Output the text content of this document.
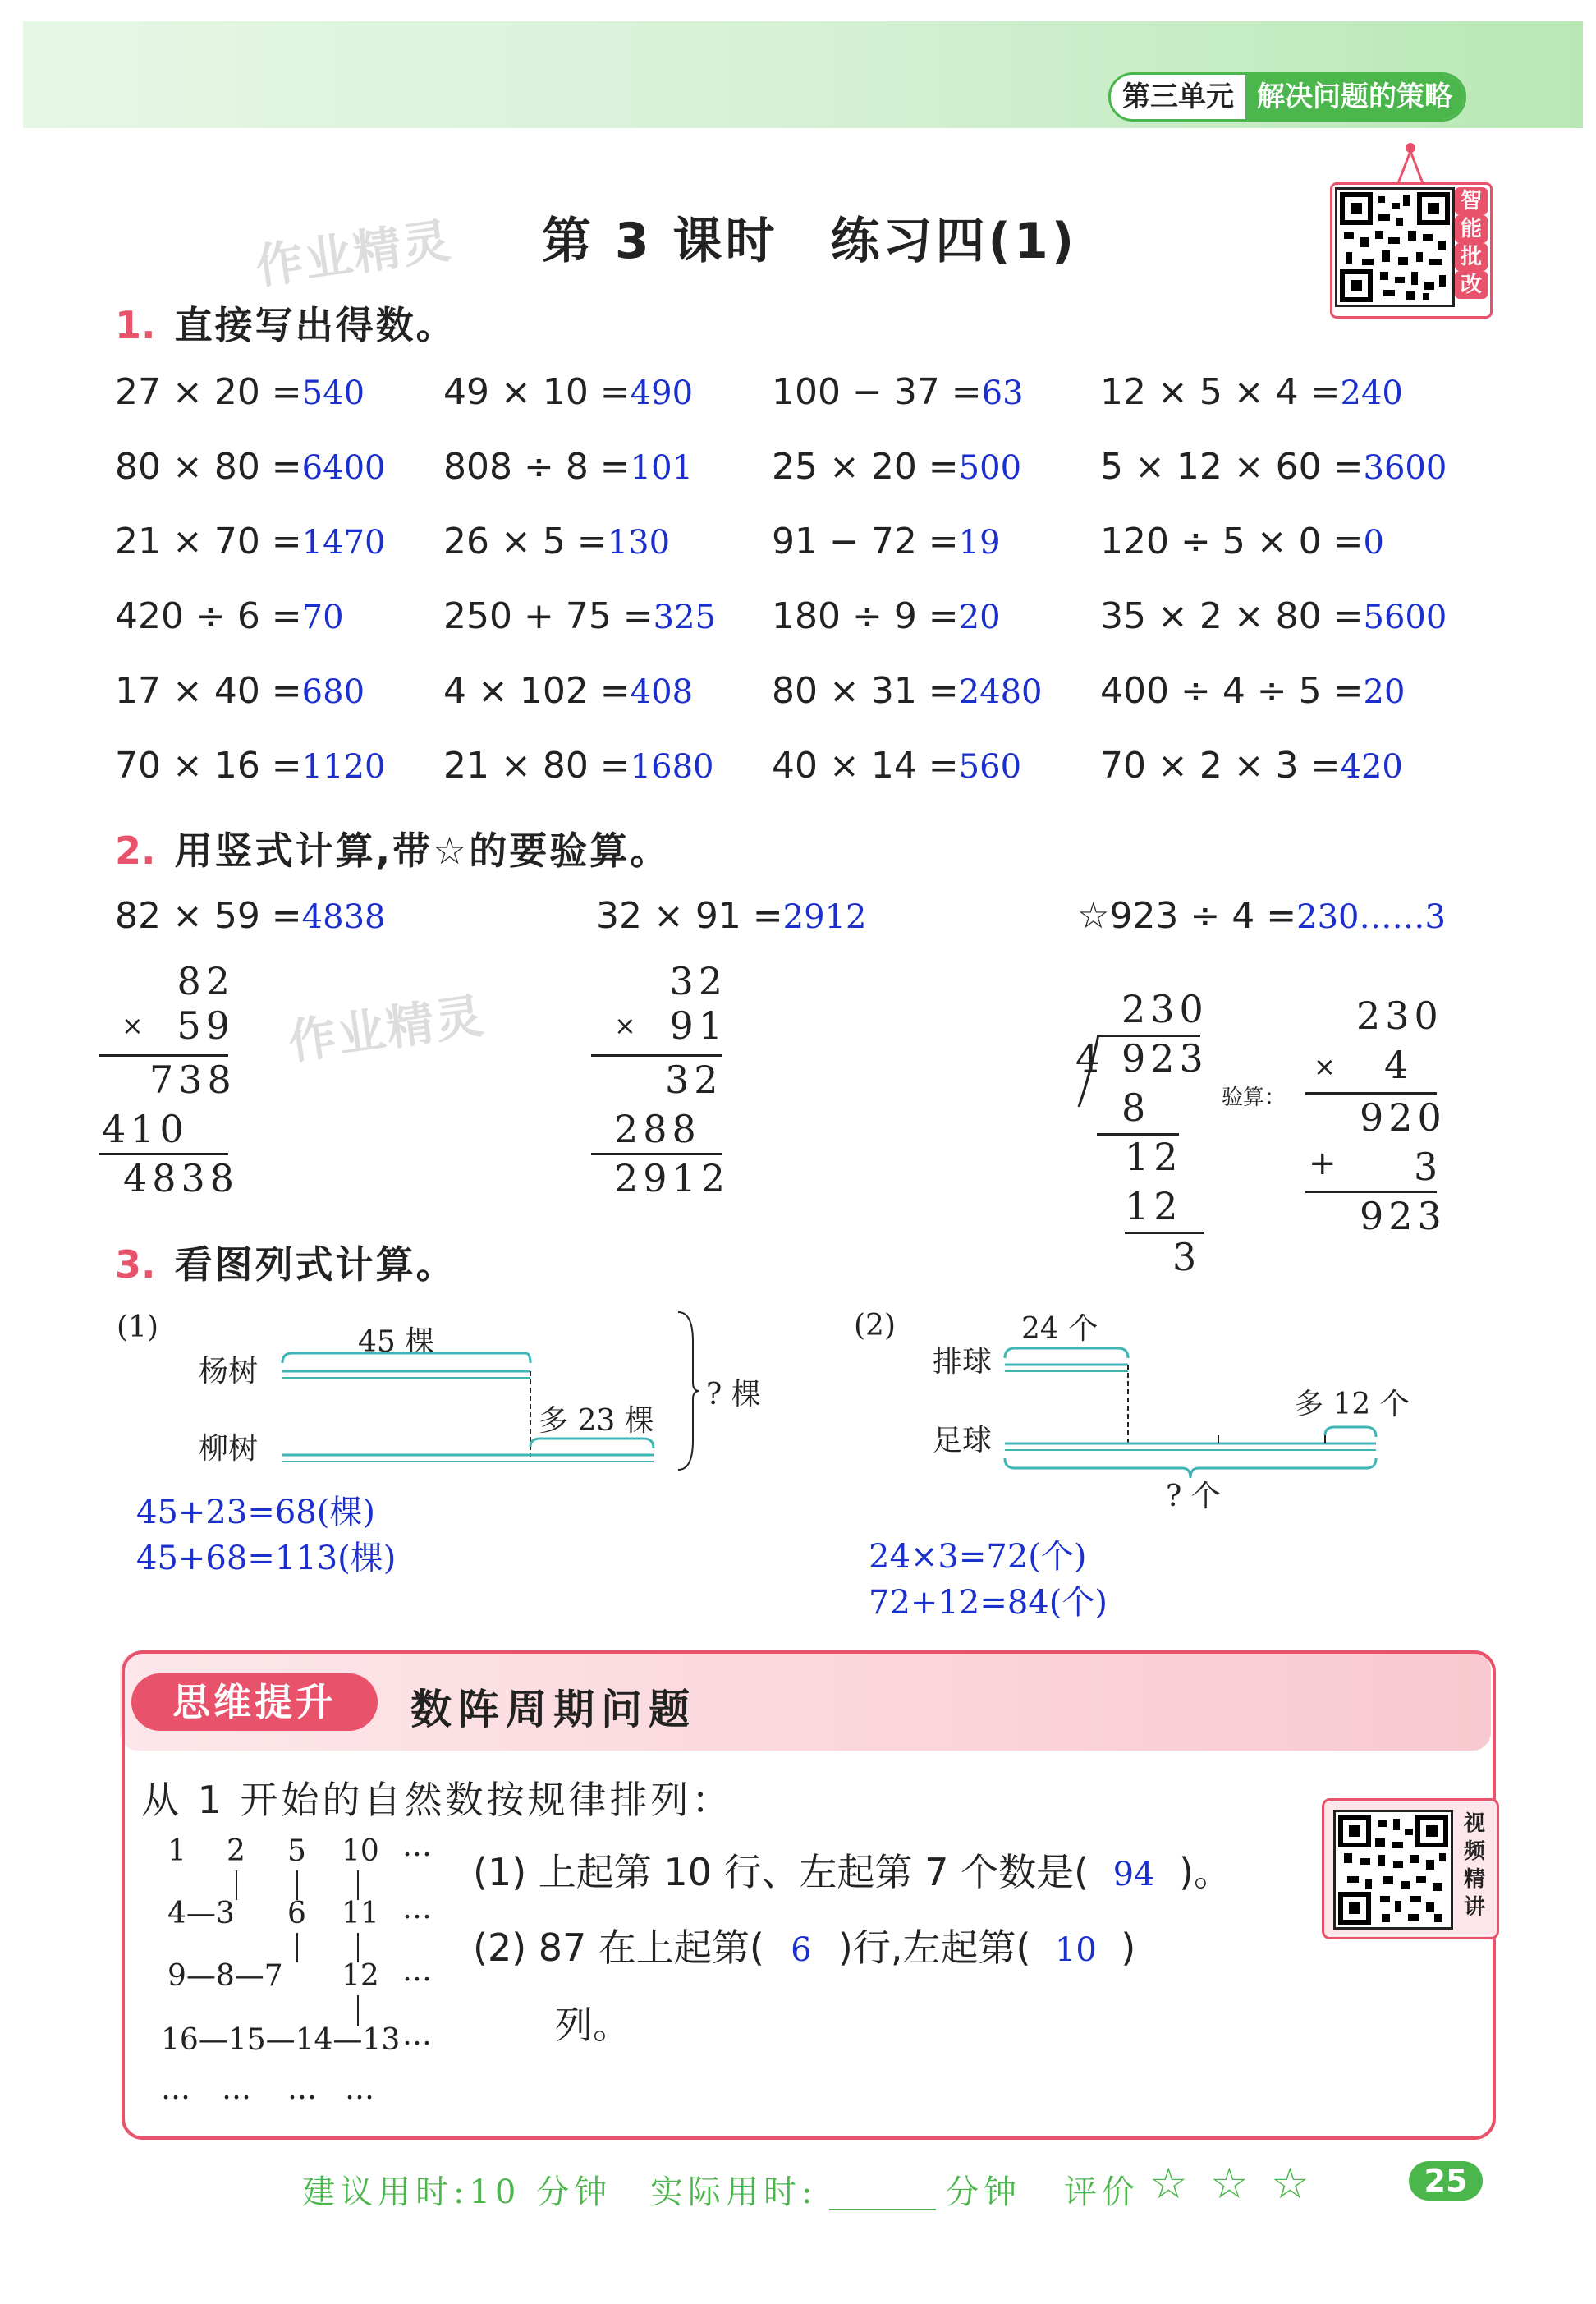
第三单元 解决问题的策略
作业精灵 第 3 课时　练习四(1)
智
能
批
改
1. 直接写出得数。
27 × 20 =540 49 × 10 =490 100 − 37 =63 12 × 5 × 4 =240
80 × 80 =6400 808 ÷ 8 =101 25 × 20 =500 5 × 12 × 60 =3600
21 × 70 =1470 26 × 5 =130	91 − 72 =19	120 ÷ 5 × 0 =0
420 ÷ 6 =70	250 + 75 =325 180 ÷ 9 =20	35 × 2 × 80 =5600
17 × 40 =680 4 × 102 =408 80 × 31 =2480 400 ÷ 4 ÷ 5 =20
70 × 16 =1120 21 × 80 =1680 40 × 14 =560 70 × 2 × 3 =420
2. 用竖式计算,带☆的要验算。
82 × 59 =4838	32 × 91 =2912	☆923 ÷ 4 =230……3
作业精灵
82
× 59
738
410
4838
32
× 91
32
288
2912
230
4 923
8
12
12
3
验算：
230
× 4
920
+ 3
923
3. 看图列式计算。
(1)
杨树
柳树
45 棵
多 23 棵
? 棵
45+23=68(棵)
45+68=113(棵)
(2)
排球
足球
24 个
多 12 个
? 个
24×3=72(个)
72+12=84(个)
思维提升	数阵周期问题
从 1 开始的自然数按规律排列：
1 2 5 10 …
4—3 6 11 …
9—8—7 12 …
16—15—14—13 …
… … … …
(1) 上起第 10 行、左起第 7 个数是( 94 )。
(2) 87 在上起第( 6 )行,左起第( 10 )
列。
视
频
精
讲
建议用时:10 分钟 实际用时:	分钟 评价 ☆ ☆ ☆	25
